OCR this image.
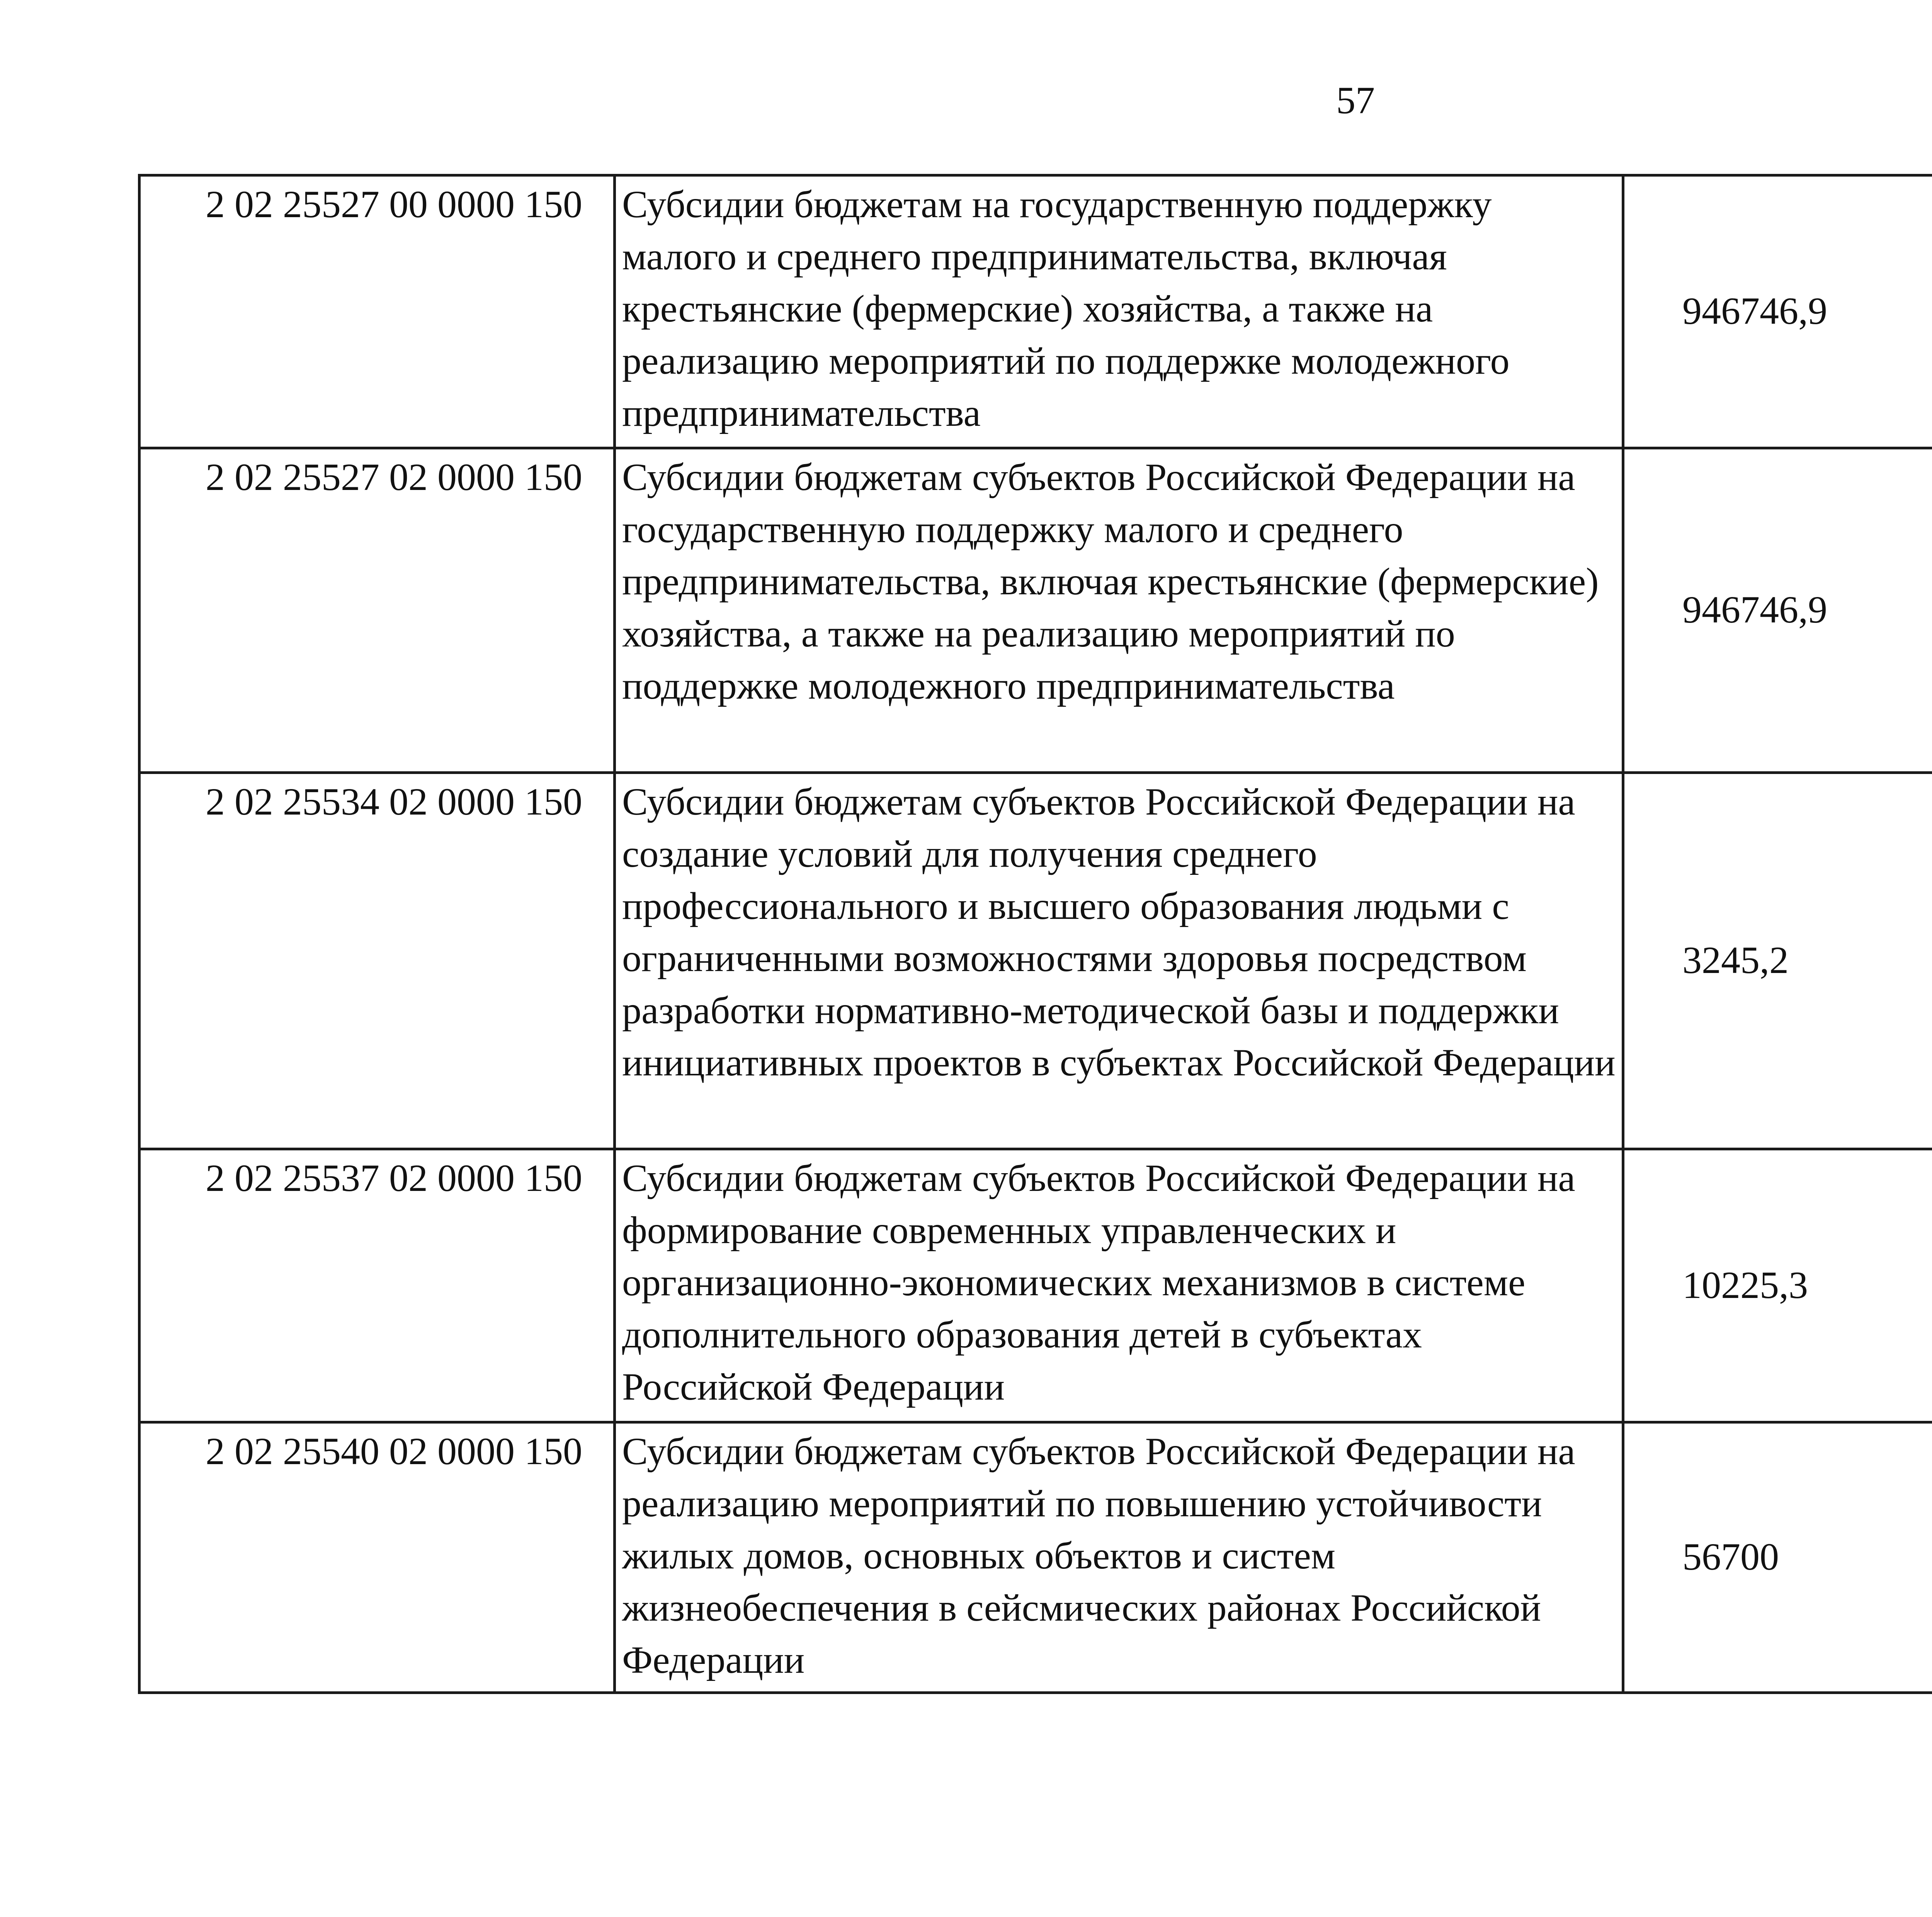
57
2 02 25527 00 0000 150	Субсидии бюджетам на государственную поддержку малого и среднего предпринимательства, включая крестьянские (фермерские) хозяйства, а также на реализацию мероприятий по поддержке молодежного предпринимательства	946746,9		
2 02 25527 02 0000 150	Субсидии бюджетам субъектов Российской Федерации на государственную поддержку малого и среднего предпринимательства, включая крестьянские (фермерские) хозяйства, а также на реализацию мероприятий по поддержке молодежного предпринимательства	946746,9		
2 02 25534 02 0000 150	Субсидии бюджетам субъектов Российской Федерации на создание условий для получения среднего профессионального и высшего образования людьми с ограниченными возможностями здоровья посредством разработки нормативно-методической базы и поддержки инициативных проектов в субъектах Российской Федерации	3245,2		
2 02 25537 02 0000 150	Субсидии бюджетам субъектов Российской Федерации на формирование современных управленческих и организационно-экономических механизмов в системе дополнительного образования детей в субъектах Российской Федерации	10225,3		
2 02 25540 02 0000 150	Субсидии бюджетам субъектов Российской Федерации на реализацию мероприятий по повышению устойчивости жилых домов, основных объектов и систем жизнеобеспечения в сейсмических районах Российской Федерации	56700		
